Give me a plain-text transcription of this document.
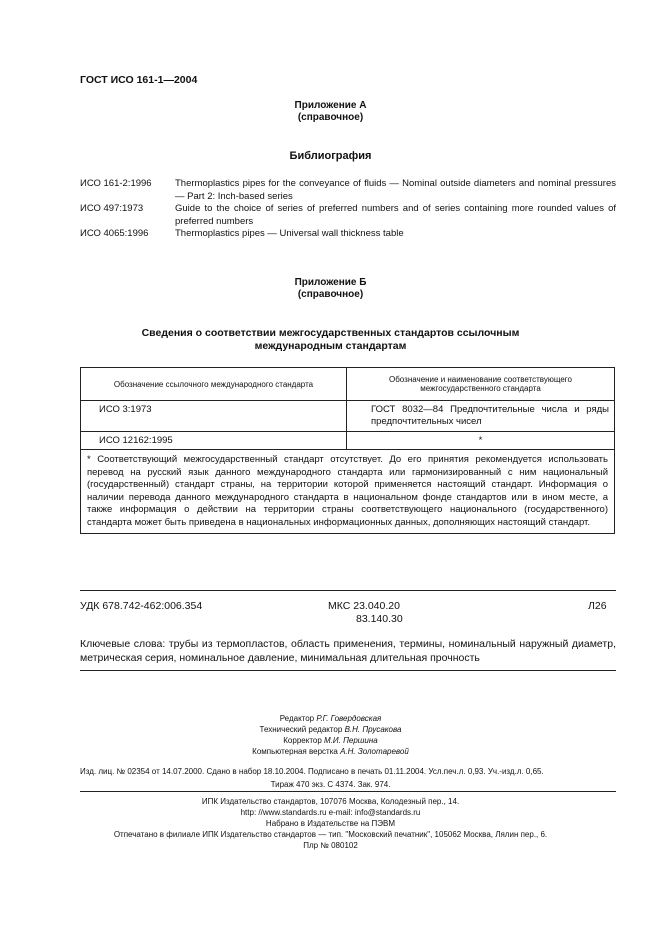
ГОСТ ИСО 161-1—2004
Приложение А
(справочное)
Библиография
ИСО 161-2:1996	Thermoplastics pipes for the conveyance of fluids — Nominal outside diameters and nominal pressures — Part 2: Inch-based series
ИСО 497:1973	Guide to the choice of series of preferred numbers and of series containing more rounded values of preferred numbers
ИСО 4065:1996	Thermoplastics pipes — Universal wall thickness table
Приложение Б
(справочное)
Сведения о соответствии межгосударственных стандартов ссылочным
международным стандартам
Обозначение ссылочного международного стандарта	Обозначение и наименование соответствующего межгосударственного стандарта
ИСО 3:1973	ГОСТ 8032—84 Предпочтительные числа и ряды предпочтительных чисел
ИСО 12162:1995	*
* Соответствующий межгосударственный стандарт отсутствует. До его принятия рекомендуется использовать перевод на русский язык данного международного стандарта или гармонизированный с ним национальный (государственный) стандарт страны, на территории которой применяется настоящий стандарт. Информация о наличии перевода данного международного стандарта в национальном фонде стандартов или в ином месте, а также информация о действии на территории страны соответствующего национального (государственного) стандарта может быть приведена в национальных информационных данных, дополняющих настоящий стандарт.	
УДК 678.742-462:006.354	МКС 23.040.20
83.140.30
Л26
Ключевые слова: трубы из термопластов, область применения, термины, номинальный наружный диаметр, метрическая серия, номинальное давление, минимальная длительная прочность
Редактор Р.Г. Говердовская
Технический редактор В.Н. Прусакова
Корректор М.И. Першина
Компьютерная верстка А.Н. Золотаревой
Изд. лиц. № 02354 от 14.07.2000. Сдано в набор 18.10.2004. Подписано в печать 01.11.2004. Усл.печ.л. 0,93. Уч.-изд.л. 0,65.
Тираж 470 экз. С 4374. Зак. 974.
ИПК Издательство стандартов, 107076 Москва, Колодезный пер., 14.
http: //www.standards.ru e-mail: info@standards.ru
Набрано в Издательстве на ПЭВМ
Отпечатано в филиале ИПК Издательство стандартов — тип. "Московский печатник", 105062 Москва, Лялин пер., 6.
Плр № 080102
